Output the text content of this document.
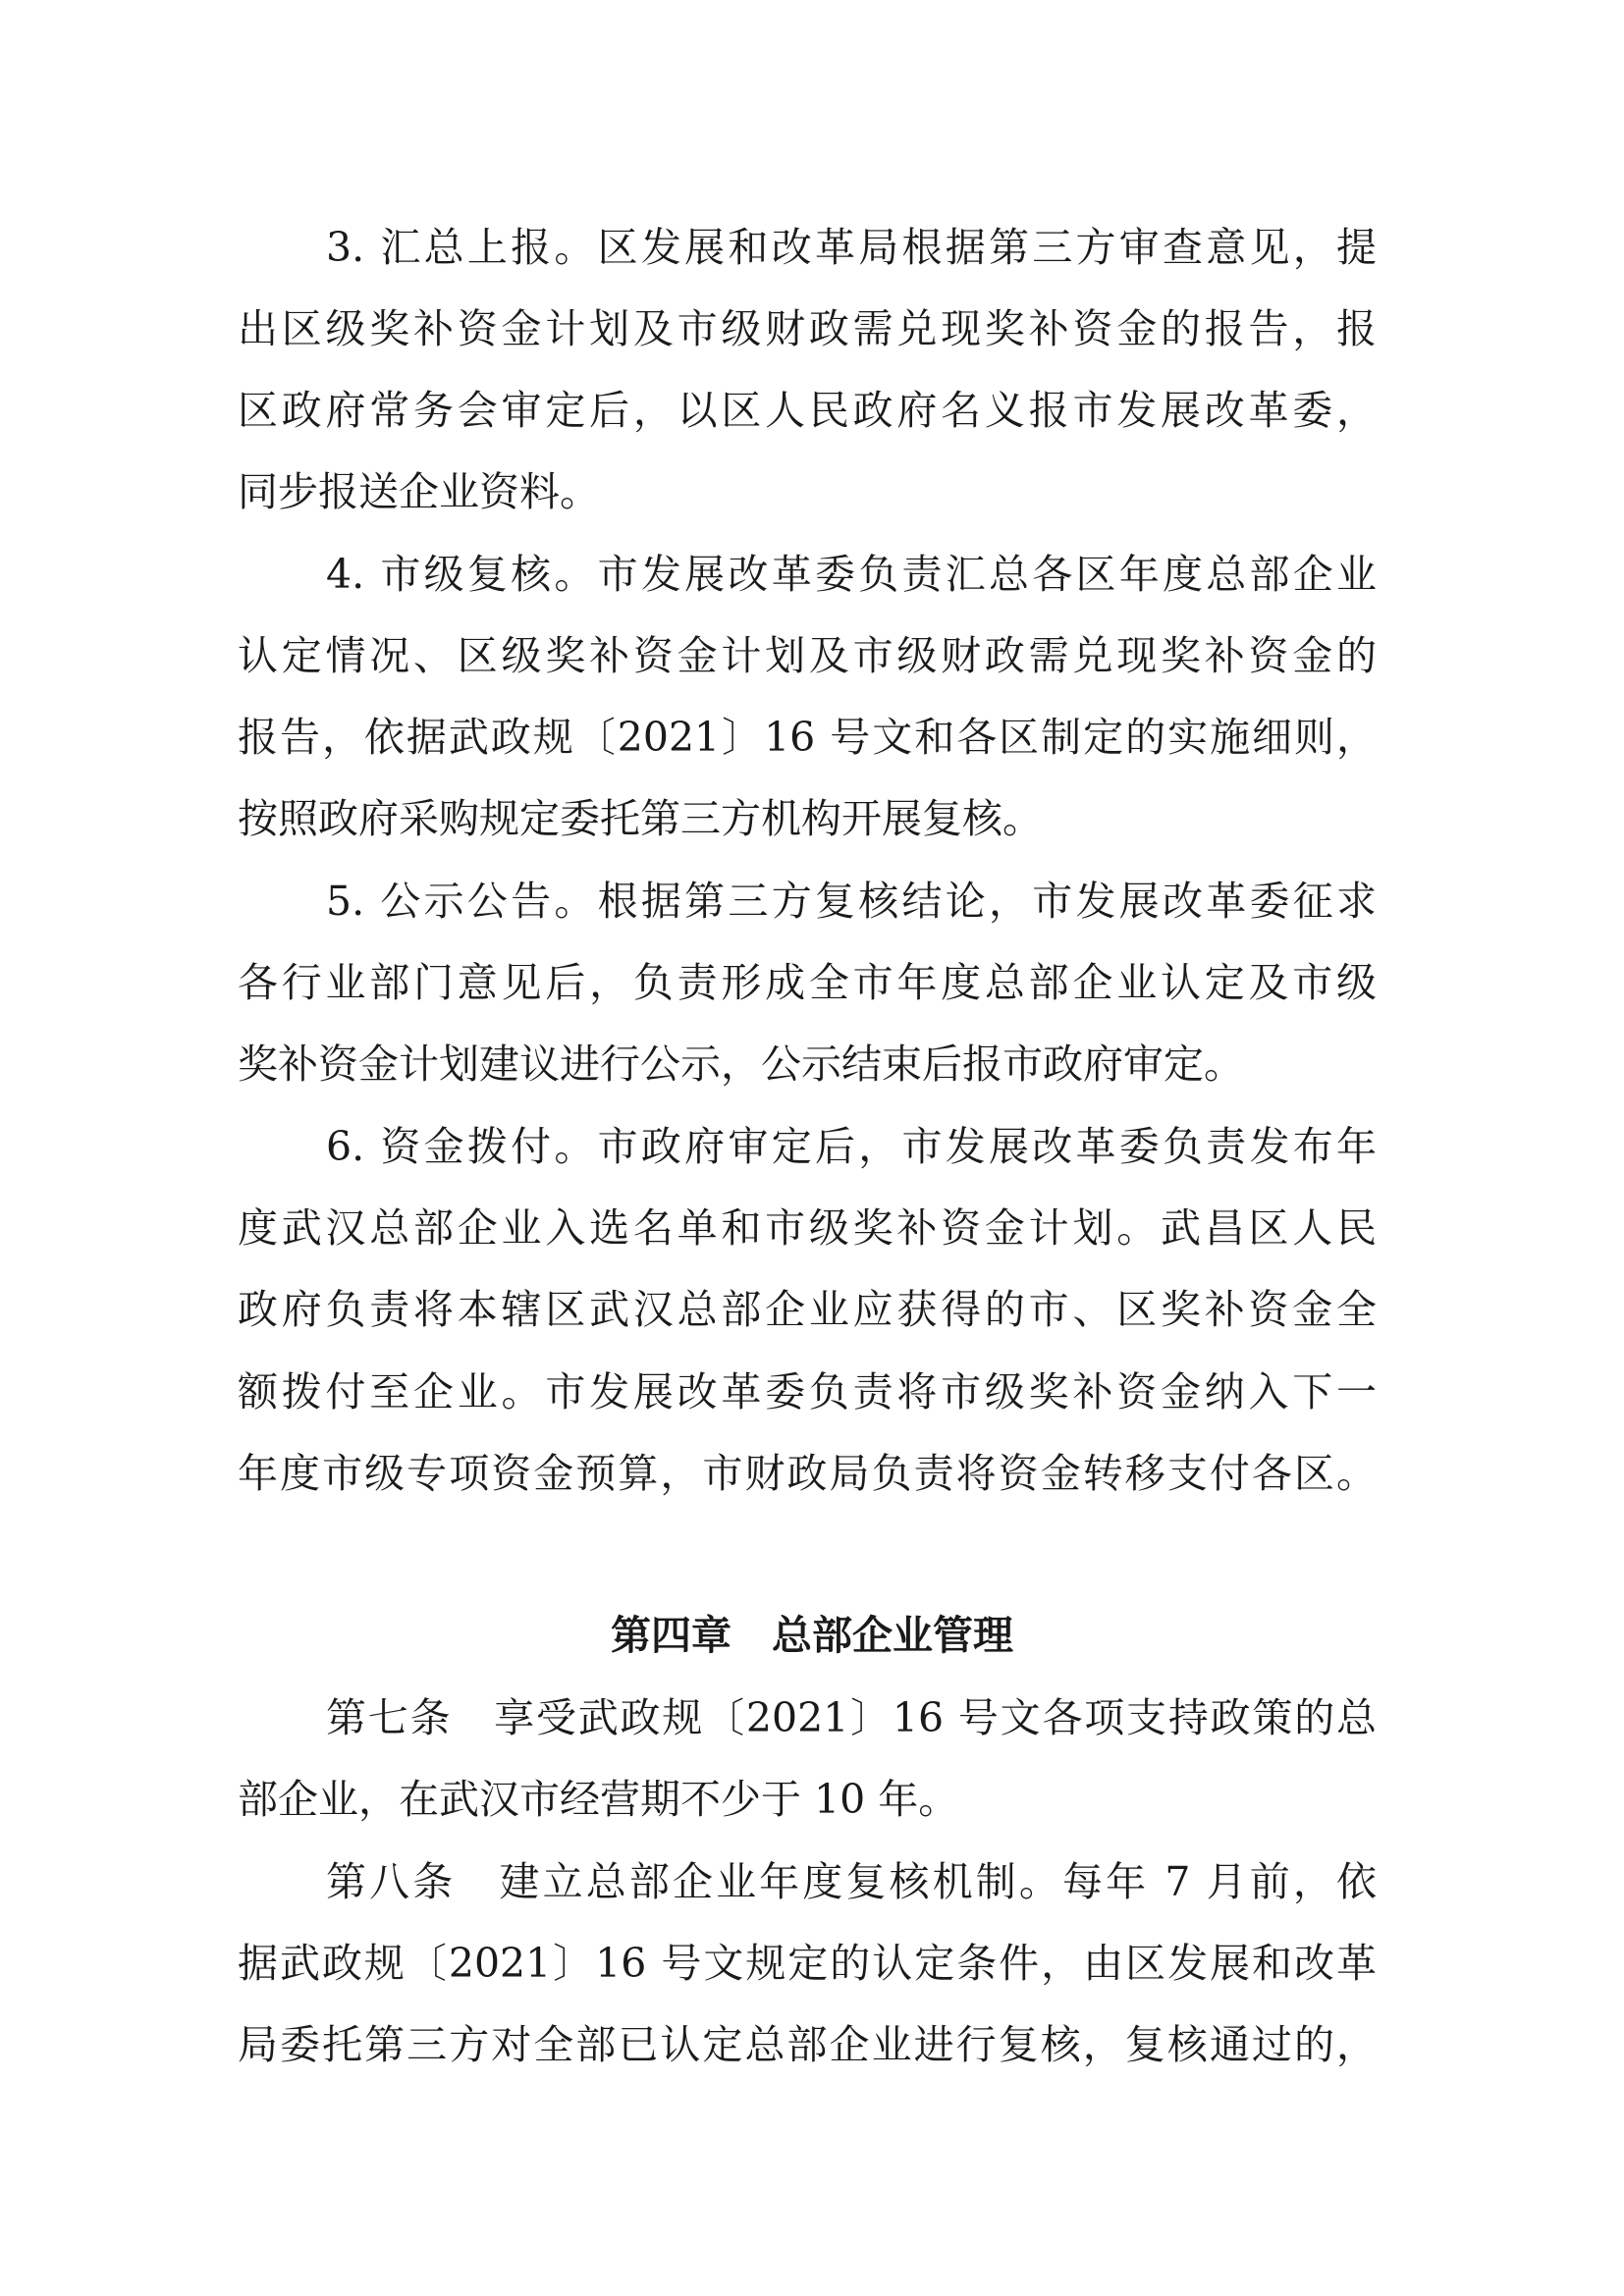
3. 汇总上报。区发展和改革局根据第三方审查意见，提
出区级奖补资金计划及市级财政需兑现奖补资金的报告，报
区政府常务会审定后，以区人民政府名义报市发展改革委，
同步报送企业资料。
4. 市级复核。市发展改革委负责汇总各区年度总部企业
认定情况、区级奖补资金计划及市级财政需兑现奖补资金的
报告，依据武政规〔2021〕16 号文和各区制定的实施细则，
按照政府采购规定委托第三方机构开展复核。
5. 公示公告。根据第三方复核结论，市发展改革委征求
各行业部门意见后，负责形成全市年度总部企业认定及市级
奖补资金计划建议进行公示，公示结束后报市政府审定。
6. 资金拨付。市政府审定后，市发展改革委负责发布年
度武汉总部企业入选名单和市级奖补资金计划。武昌区人民
政府负责将本辖区武汉总部企业应获得的市、区奖补资金全
额拨付至企业。市发展改革委负责将市级奖补资金纳入下一
年度市级专项资金预算，市财政局负责将资金转移支付各区。
第四章　总部企业管理
第七条　享受武政规〔2021〕16 号文各项支持政策的总
部企业，在武汉市经营期不少于 10 年。
第八条　建立总部企业年度复核机制。每年 7 月前，依
据武政规〔2021〕16 号文规定的认定条件，由区发展和改革
局委托第三方对全部已认定总部企业进行复核，复核通过的，
